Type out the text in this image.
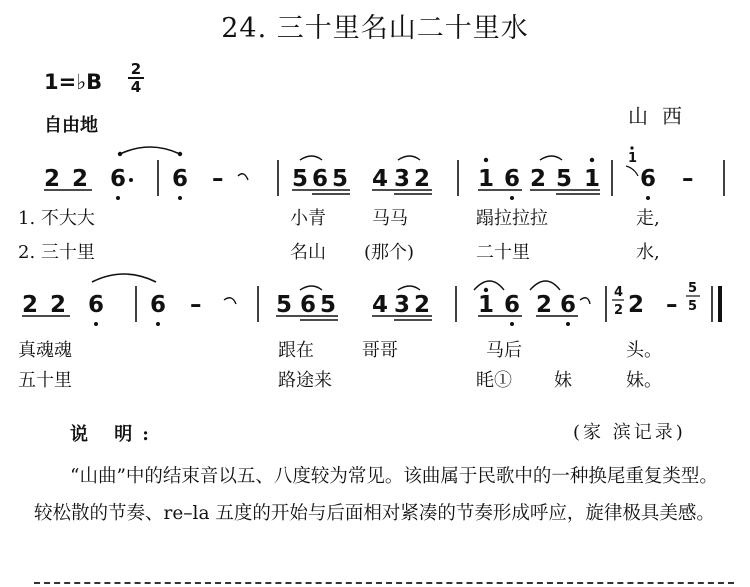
24. 三十里名山二十里水
1=♭B
2
4
自由地	山西
2 2 6 6 –	5 6 5 4 3 2 1 6 2 5 1
1
6 –
1. 不大大	小青	马马	蹋拉拉拉	走,
2. 三十里	名山 (那个)	二十里	水,
2 2 6 6 –	5 6 5 4 3 2 1 6 2 6	4
2 2 –
5
5
真魂魂	跟在	哥哥	马后	头。
五十里	路途来	眊① 妹	妹。
说 明:	(家 滨记录)
“山曲”中的结束音以五、八度较为常见。该曲属于民歌中的一种换尾重复类型。较松散的节奏、re–la 五度的开始与后面相对紧凑的节奏形成呼应，旋律极具美感。
